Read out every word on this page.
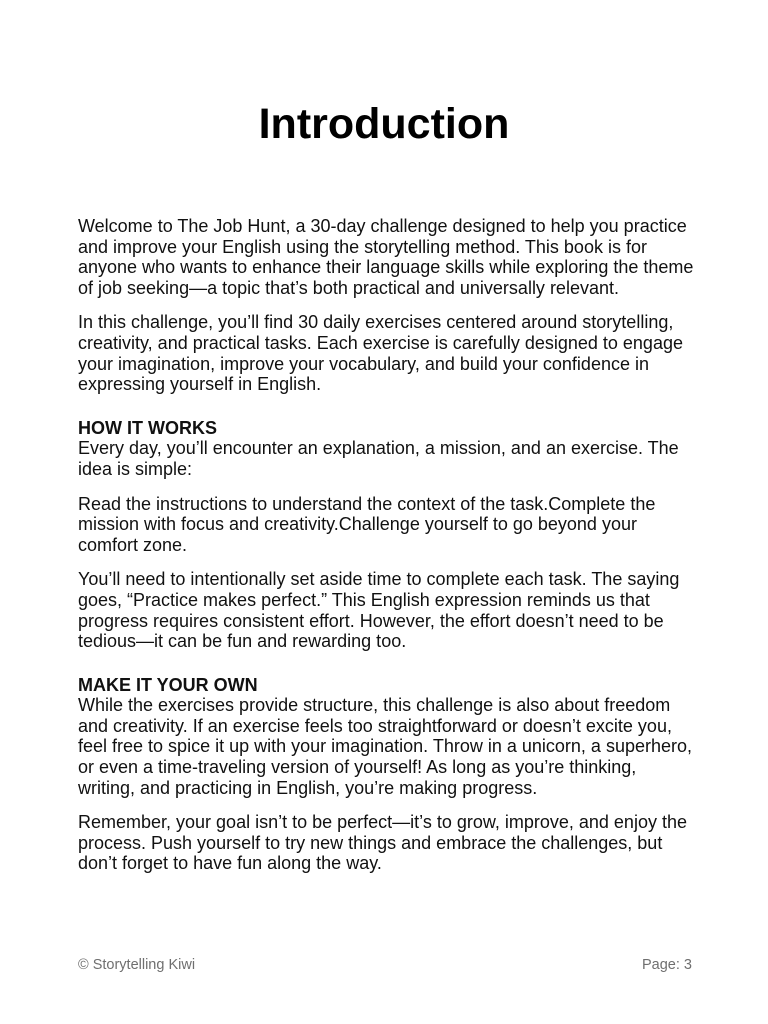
Introduction

Welcome to The Job Hunt, a 30-day challenge designed to help you practice and improve your English using the storytelling method. This book is for anyone who wants to enhance their language skills while exploring the theme of job seeking—a topic that’s both practical and universally relevant.

In this challenge, you’ll find 30 daily exercises centered around storytelling, creativity, and practical tasks. Each exercise is carefully designed to engage your imagination, improve your vocabulary, and build your confidence in expressing yourself in English.

HOW IT WORKS

Every day, you’ll encounter an explanation, a mission, and an exercise. The idea is simple:

Read the instructions to understand the context of the task.Complete the mission with focus and creativity.Challenge yourself to go beyond your comfort zone.

You’ll need to intentionally set aside time to complete each task. The saying goes, “Practice makes perfect.” This English expression reminds us that progress requires consistent effort. However, the effort doesn’t need to be tedious—it can be fun and rewarding too.

MAKE IT YOUR OWN

While the exercises provide structure, this challenge is also about freedom and creativity. If an exercise feels too straightforward or doesn’t excite you, feel free to spice it up with your imagination. Throw in a unicorn, a superhero, or even a time-traveling version of yourself! As long as you’re thinking, writing, and practicing in English, you’re making progress.

Remember, your goal isn’t to be perfect—it’s to grow, improve, and enjoy the process. Push yourself to try new things and embrace the challenges, but don’t forget to have fun along the way.

© Storytelling Kiwi	Page: 3
